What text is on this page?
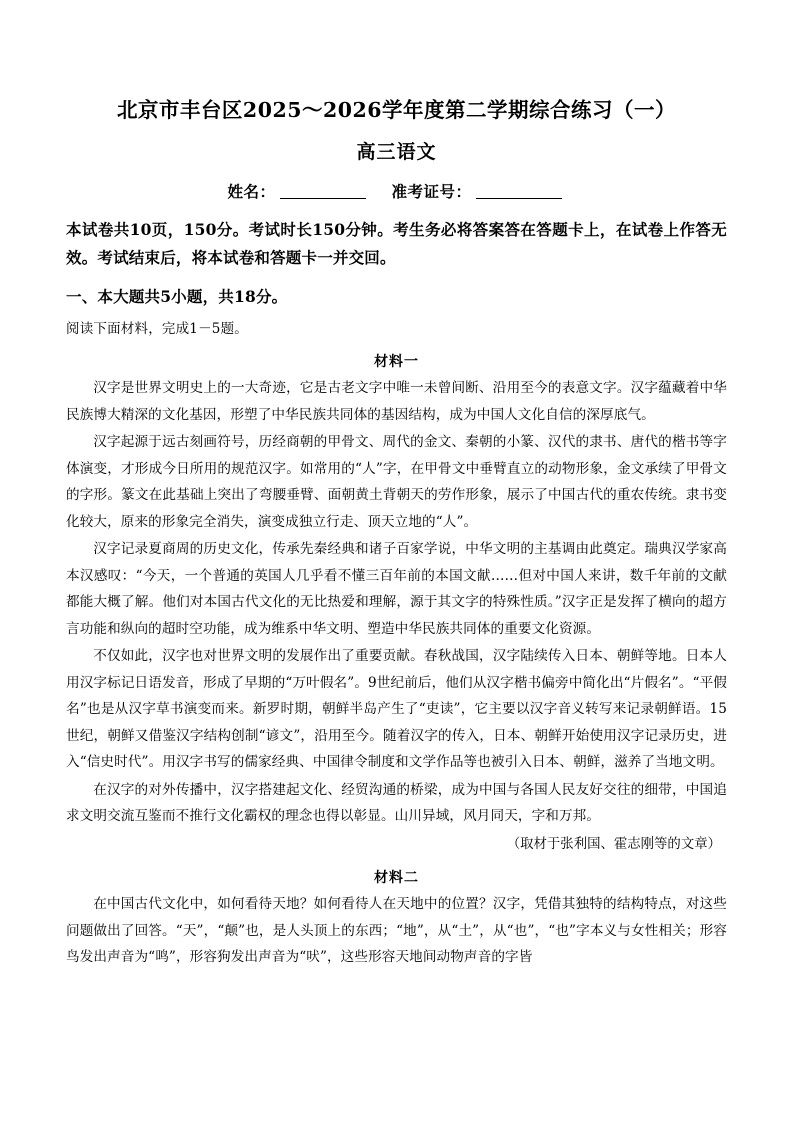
北京市丰台区2025～2026学年度第二学期综合练习（一）
高三语文
姓名：	准考证号：

本试卷共10页，150分。考试时长150分钟。考生务必将答案答在答题卡上，在试卷上作答无效。考试结束后，将本试卷和答题卡一并交回。

一、本大题共5小题，共18分。

阅读下面材料，完成1－5题。

材料一

汉字是世界文明史上的一大奇迹，它是古老文字中唯一未曾间断、沿用至今的表意文字。汉字蕴藏着中华民族博大精深的文化基因，形塑了中华民族共同体的基因结构，成为中国人文化自信的深厚底气。

汉字起源于远古刻画符号，历经商朝的甲骨文、周代的金文、秦朝的小篆、汉代的隶书、唐代的楷书等字体演变，才形成今日所用的规范汉字。如常用的“人”字，在甲骨文中垂臂直立的动物形象，金文承续了甲骨文的字形。篆文在此基础上突出了弯腰垂臂、面朝黄土背朝天的劳作形象，展示了中国古代的重农传统。隶书变化较大，原来的形象完全消失，演变成独立行走、顶天立地的“人”。

汉字记录夏商周的历史文化，传承先秦经典和诸子百家学说，中华文明的主基调由此奠定。瑞典汉学家高本汉感叹：“今天，一个普通的英国人几乎看不懂三百年前的本国文献……但对中国人来讲，数千年前的文献都能大概了解。他们对本国古代文化的无比热爱和理解，源于其文字的特殊性质。”汉字正是发挥了横向的超方言功能和纵向的超时空功能，成为维系中华文明、塑造中华民族共同体的重要文化资源。

不仅如此，汉字也对世界文明的发展作出了重要贡献。春秋战国，汉字陆续传入日本、朝鲜等地。日本人用汉字标记日语发音，形成了早期的“万叶假名”。9世纪前后，他们从汉字楷书偏旁中简化出“片假名”。“平假名”也是从汉字草书演变而来。新罗时期，朝鲜半岛产生了“吏读”，它主要以汉字音义转写来记录朝鲜语。15世纪，朝鲜又借鉴汉字结构创制“谚文”，沿用至今。随着汉字的传入，日本、朝鲜开始使用汉字记录历史，进入“信史时代”。用汉字书写的儒家经典、中国律令制度和文学作品等也被引入日本、朝鲜，滋养了当地文明。

在汉字的对外传播中，汉字搭建起文化、经贸沟通的桥梁，成为中国与各国人民友好交往的细带，中国追求文明交流互鉴而不推行文化霸权的理念也得以彰显。山川异域，风月同天，字和万邦。

（取材于张利国、霍志刚等的文章）

材料二

在中国古代文化中，如何看待天地？如何看待人在天地中的位置？汉字，凭借其独特的结构特点，对这些问题做出了回答。“天”，“颠”也，是人头顶上的东西；“地”，从“土”，从“也”，“也”字本义与女性相关；形容鸟发出声音为“鸣”，形容狗发出声音为“吠”，这些形容天地间动物声音的字皆
